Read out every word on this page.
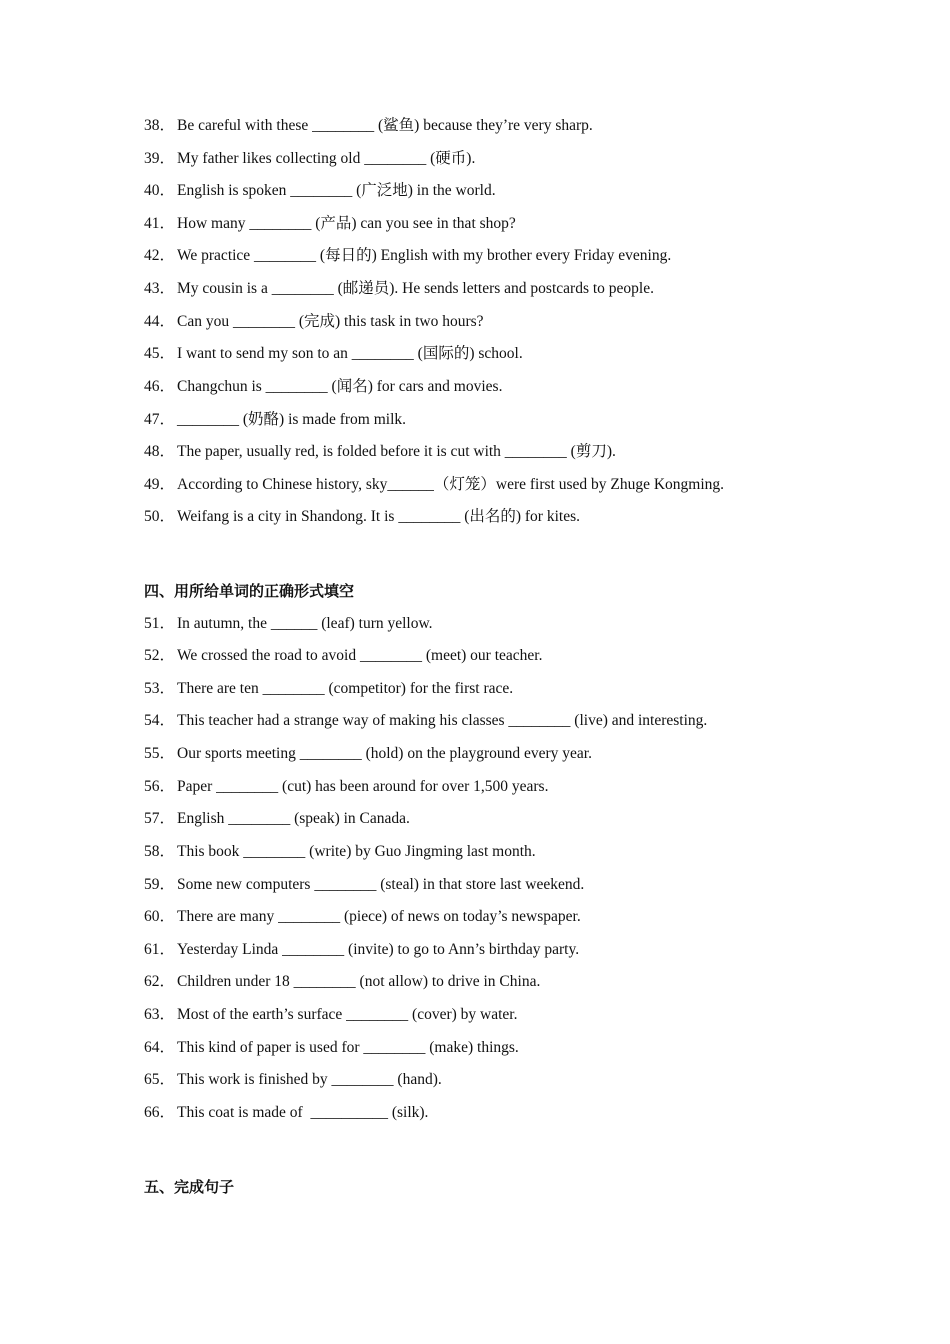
38． Be careful with these ________ (鲨鱼) because they’re very sharp.
39． My father likes collecting old ________ (硬币).
40． English is spoken ________ (广泛地) in the world.
41． How many ________ (产品) can you see in that shop?
42． We practice ________ (每日的) English with my brother every Friday evening.
43． My cousin is a ________ (邮递员). He sends letters and postcards to people.
44． Can you ________ (完成) this task in two hours?
45． I want to send my son to an ________ (国际的) school.
46． Changchun is ________ (闻名) for cars and movies.
47． ________ (奶酪) is made from milk.
48． The paper, usually red, is folded before it is cut with ________ (剪刀).
49． According to Chinese history, sky______（灯笼）were first used by Zhuge Kongming.
50． Weifang is a city in Shandong. It is ________ (出名的) for kites.
四、用所给单词的正确形式填空
51． In autumn, the ______ (leaf) turn yellow.
52． We crossed the road to avoid ________ (meet) our teacher.
53． There are ten ________ (competitor) for the first race.
54． This teacher had a strange way of making his classes ________ (live) and interesting.
55． Our sports meeting ________ (hold) on the playground every year.
56． Paper ________ (cut) has been around for over 1,500 years.
57． English ________ (speak) in Canada.
58． This book ________ (write) by Guo Jingming last month.
59． Some new computers ________ (steal) in that store last weekend.
60． There are many ________ (piece) of news on today’s newspaper.
61． Yesterday Linda ________ (invite) to go to Ann’s birthday party.
62． Children under 18 ________ (not allow) to drive in China.
63． Most of the earth’s surface ________ (cover) by water.
64． This kind of paper is used for ________ (make) things.
65． This work is finished by ________ (hand).
66． This coat is made of  __________ (silk).
五、完成句子
